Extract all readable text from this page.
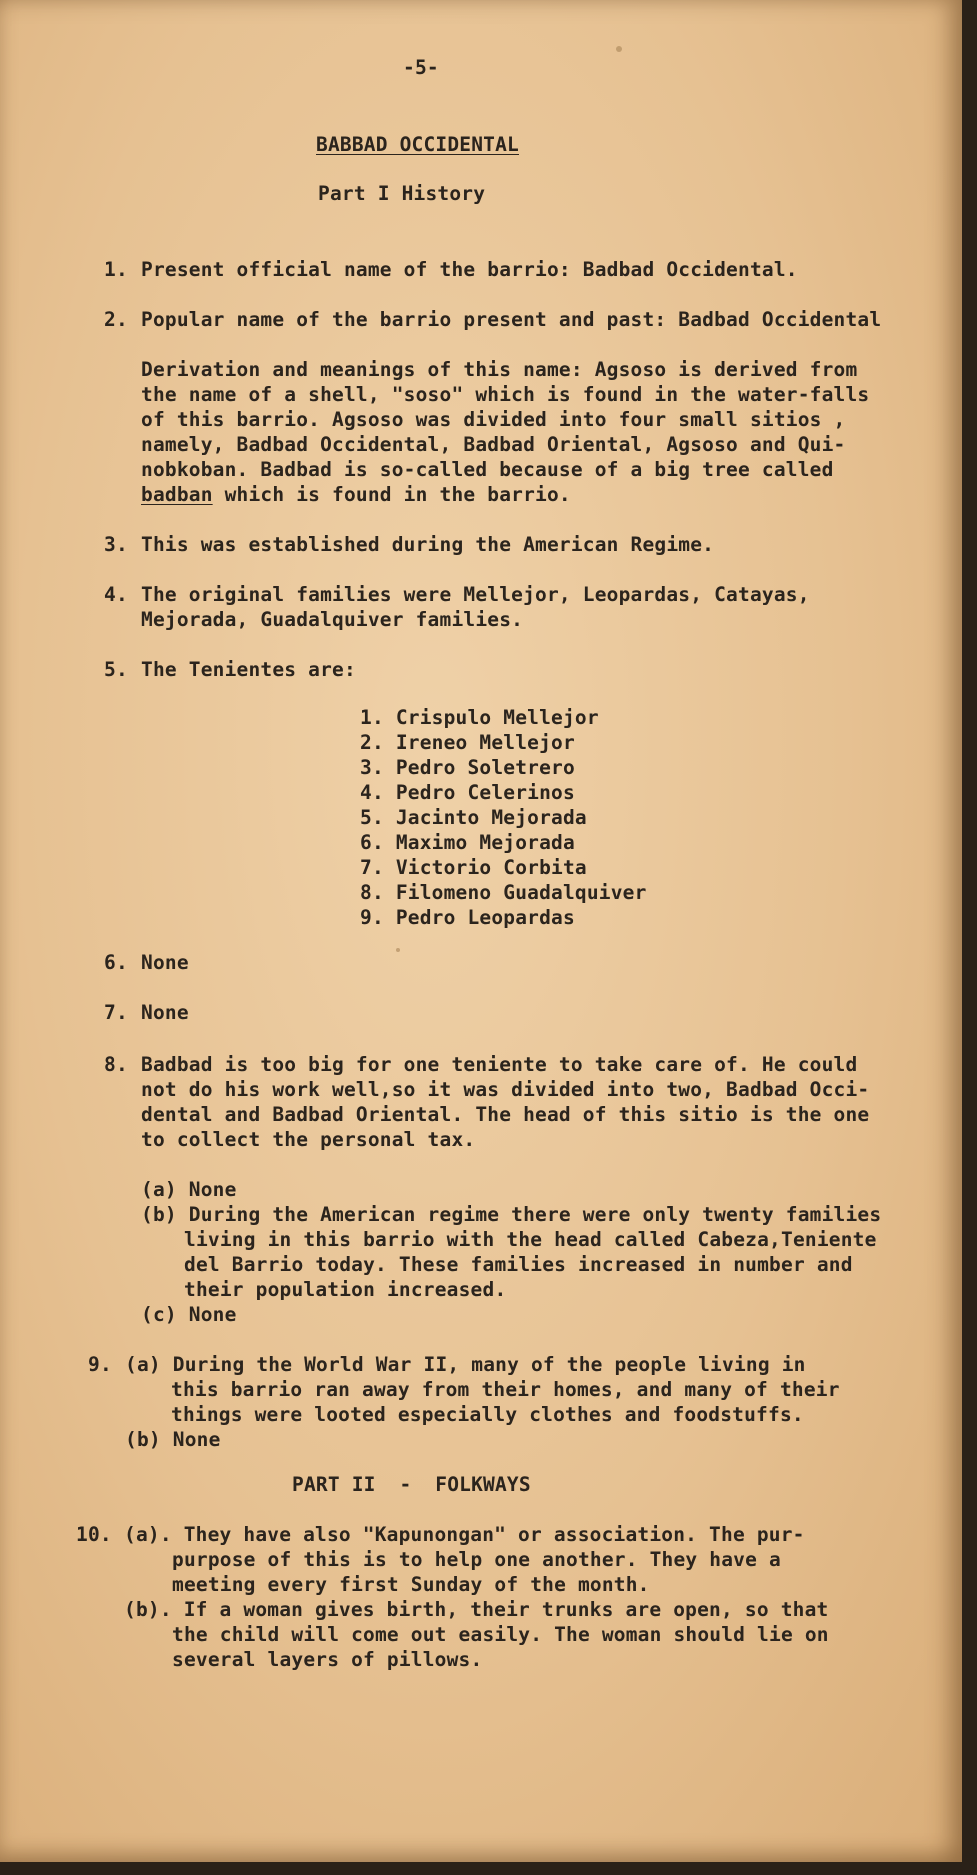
-5-
BABBAD OCCIDENTAL
Part I History
1. Present official name of the barrio: Badbad Occidental.
2. Popular name of the barrio present and past: Badbad Occidental
Derivation and meanings of this name: Agsoso is derived from
the name of a shell, "soso" which is found in the water-falls
of this barrio. Agsoso was divided into four small sitios ,
namely, Badbad Occidental, Badbad Oriental, Agsoso and Qui-
nobkoban. Badbad is so-called because of a big tree called
badban which is found in the barrio.
3. This was established during the American Regime.
4. The original families were Mellejor, Leopardas, Catayas,
Mejorada, Guadalquiver families.
5. The Tenientes are:
1. Crispulo Mellejor
2. Ireneo Mellejor
3. Pedro Soletrero
4. Pedro Celerinos
5. Jacinto Mejorada
6. Maximo Mejorada
7. Victorio Corbita
8. Filomeno Guadalquiver
9. Pedro Leopardas
6. None
7. None
8. Badbad is too big for one teniente to take care of. He could
not do his work well,so it was divided into two, Badbad Occi-
dental and Badbad Oriental. The head of this sitio is the one
to collect the personal tax.
(a) None
(b) During the American regime there were only twenty families
living in this barrio with the head called Cabeza,Teniente
del Barrio today. These families increased in number and
their population increased.
(c) None
9. (a) During the World War II, many of the people living in
this barrio ran away from their homes, and many of their
things were looted especially clothes and foodstuffs.
(b) None
PART II  -  FOLKWAYS
10. (a). They have also "Kapunongan" or association. The pur-
purpose of this is to help one another. They have a
meeting every first Sunday of the month.
(b). If a woman gives birth, their trunks are open, so that
the child will come out easily. The woman should lie on
several layers of pillows.
